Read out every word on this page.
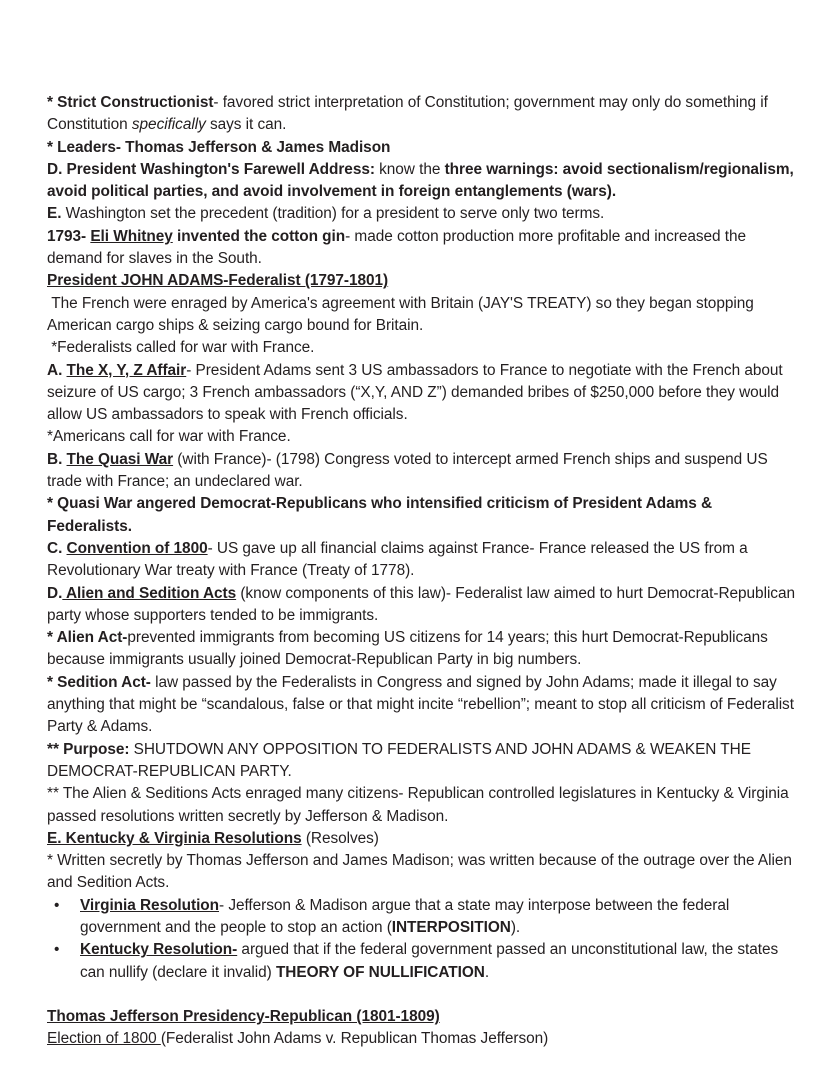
* Strict Constructionist- favored strict interpretation of Constitution; government may only do something if Constitution specifically says it can.

* Leaders- Thomas Jefferson & James Madison

D. President Washington's Farewell Address: know the three warnings: avoid sectionalism/regionalism, avoid political parties, and avoid involvement in foreign entanglements (wars).

E. Washington set the precedent (tradition) for a president to serve only two terms.

1793- Eli Whitney invented the cotton gin- made cotton production more profitable and increased the demand for slaves in the South.

President JOHN ADAMS-Federalist (1797-1801)

The French were enraged by America's agreement with Britain (JAY'S TREATY) so they began stopping American cargo ships & seizing cargo bound for Britain.

*Federalists called for war with France.

A. The X, Y, Z Affair- President Adams sent 3 US ambassadors to France to negotiate with the French about seizure of US cargo; 3 French ambassadors (“X,Y, AND Z”) demanded bribes of $250,000 before they would allow US ambassadors to speak with French officials.

*Americans call for war with France.

B. The Quasi War (with France)- (1798) Congress voted to intercept armed French ships and suspend US trade with France; an undeclared war.

* Quasi War angered Democrat-Republicans who intensified criticism of President Adams & Federalists.

C. Convention of 1800- US gave up all financial claims against France- France released the US from a Revolutionary War treaty with France (Treaty of 1778).

D. Alien and Sedition Acts (know components of this law)- Federalist law aimed to hurt Democrat-Republican party whose supporters tended to be immigrants.

* Alien Act-prevented immigrants from becoming US citizens for 14 years; this hurt Democrat-Republicans because immigrants usually joined Democrat-Republican Party in big numbers.

* Sedition Act- law passed by the Federalists in Congress and signed by John Adams; made it illegal to say anything that might be “scandalous, false or that might incite “rebellion”; meant to stop all criticism of Federalist Party & Adams.

** Purpose: SHUTDOWN ANY OPPOSITION TO FEDERALISTS AND JOHN ADAMS & WEAKEN THE DEMOCRAT-REPUBLICAN PARTY.

** The Alien & Seditions Acts enraged many citizens- Republican controlled legislatures in Kentucky & Virginia passed resolutions written secretly by Jefferson & Madison.

E. Kentucky & Virginia Resolutions (Resolves)

* Written secretly by Thomas Jefferson and James Madison; was written because of the outrage over the Alien and Sedition Acts.

• Virginia Resolution- Jefferson & Madison argue that a state may interpose between the federal government and the people to stop an action (INTERPOSITION).
• Kentucky Resolution- argued that if the federal government passed an unconstitutional law, the states can nullify (declare it invalid) THEORY OF NULLIFICATION.

Thomas Jefferson Presidency-Republican (1801-1809)

Election of 1800 (Federalist John Adams v. Republican Thomas Jefferson)
